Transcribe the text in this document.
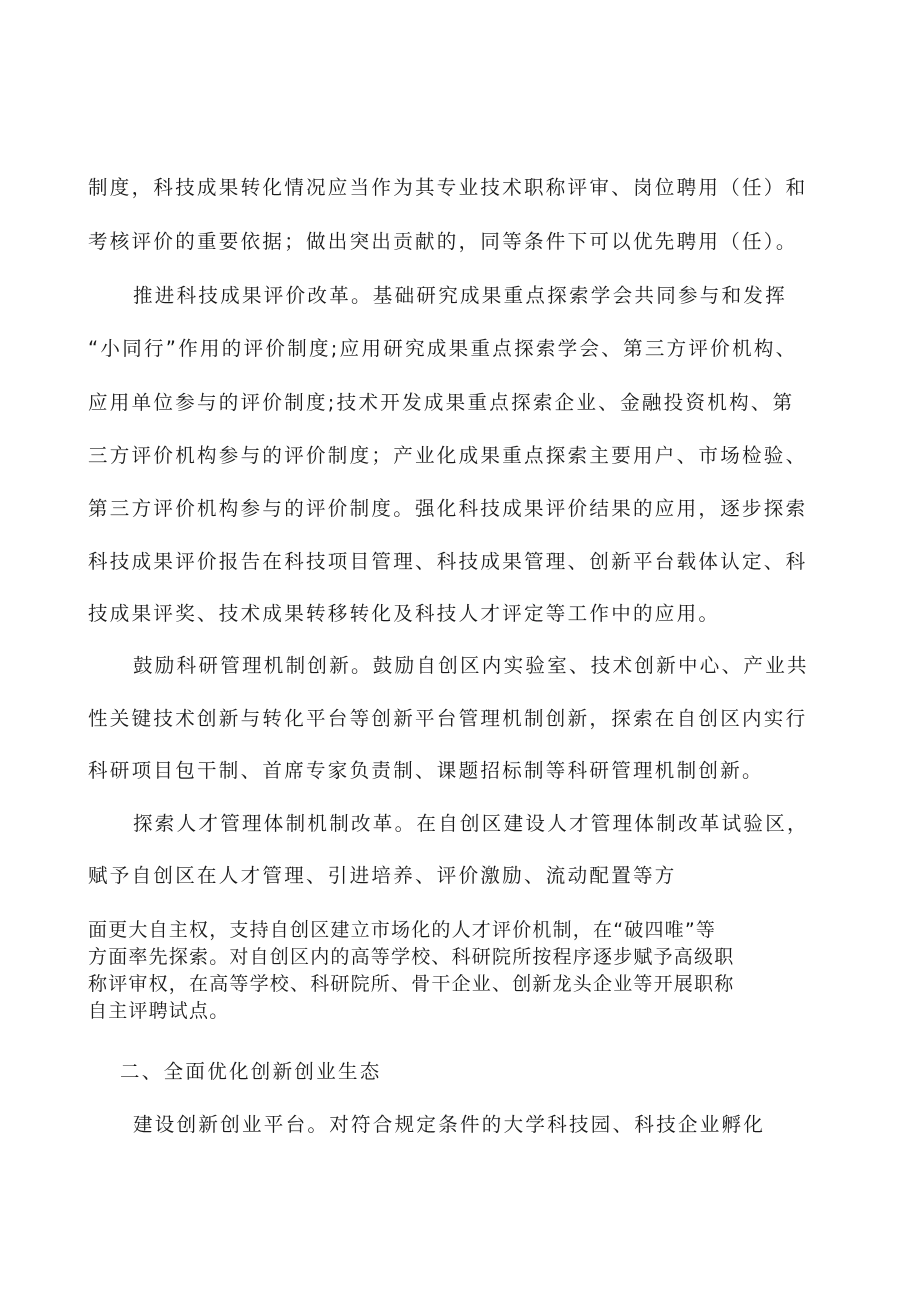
制度，科技成果转化情况应当作为其专业技术职称评审、岗位聘用（任）和
考核评价的重要依据；做出突出贡献的，同等条件下可以优先聘用（任）。
推进科技成果评价改革。基础研究成果重点探索学会共同参与和发挥
“小同行”作用的评价制度;应用研究成果重点探索学会、第三方评价机构、
应用单位参与的评价制度;技术开发成果重点探索企业、金融投资机构、第
三方评价机构参与的评价制度；产业化成果重点探索主要用户、市场检验、
第三方评价机构参与的评价制度。强化科技成果评价结果的应用，逐步探索
科技成果评价报告在科技项目管理、科技成果管理、创新平台载体认定、科
技成果评奖、技术成果转移转化及科技人才评定等工作中的应用。
鼓励科研管理机制创新。鼓励自创区内实验室、技术创新中心、产业共
性关键技术创新与转化平台等创新平台管理机制创新，探索在自创区内实行
科研项目包干制、首席专家负责制、课题招标制等科研管理机制创新。
探索人才管理体制机制改革。在自创区建设人才管理体制改革试验区，
赋予自创区在人才管理、引进培养、评价激励、流动配置等方
面更大自主权，支持自创区建立市场化的人才评价机制，在“破四唯”等
方面率先探索。对自创区内的高等学校、科研院所按程序逐步赋予高级职
称评审权，在高等学校、科研院所、骨干企业、创新龙头企业等开展职称
自主评聘试点。
二、全面优化创新创业生态
建设创新创业平台。对符合规定条件的大学科技园、科技企业孵化
